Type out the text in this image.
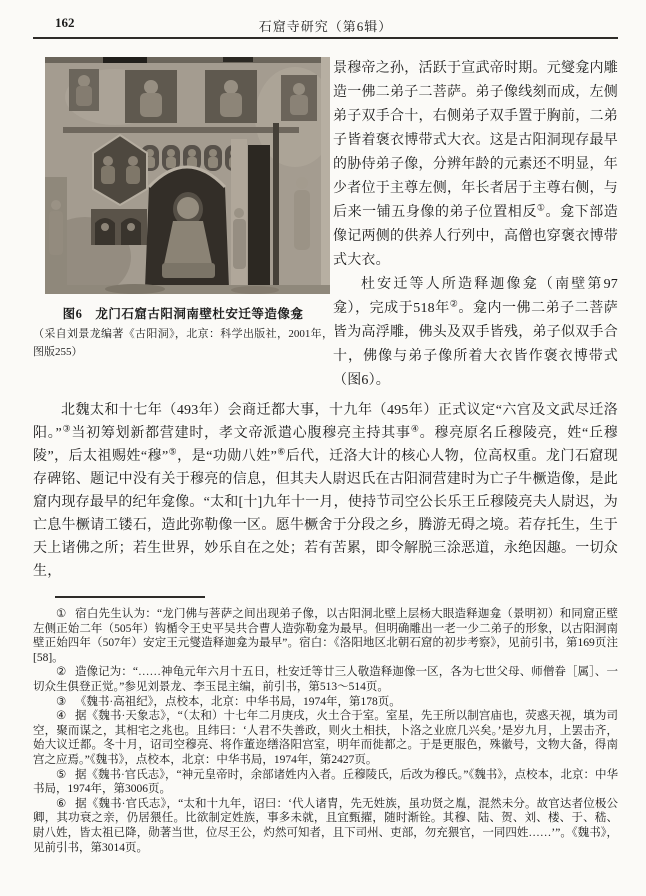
162	石窟寺研究（第6辑）
图6　龙门石窟古阳洞南壁杜安迁等造像龛
（采自刘景龙编著《古阳洞》，北京：科学出版社，2001年，图版255）

景穆帝之孙，活跃于宣武帝时期。元燮龛内雕造一佛二弟子二菩萨。弟子像线刻而成，左侧弟子双手合十，右侧弟子双手置于胸前，二弟子皆着褒衣博带式大衣。这是古阳洞现存最早的胁侍弟子像，分辨年龄的元素还不明显，年少者位于主尊左侧，年长者居于主尊右侧，与后来一铺五身像的弟子位置相反①。龛下部造像记两侧的供养人行列中，高僧也穿褒衣博带式大衣。

杜安迁等人所造释迦像龛（南壁第97龛），完成于518年②。龛内一佛二弟子二菩萨皆为高浮雕，佛头及双手皆残，弟子似双手合十，佛像与弟子像所着大衣皆作褒衣博带式（图6）。

北魏太和十七年（493年）会商迁都大事，十九年（495年）正式议定“六宫及文武尽迁洛阳。”③当初筹划新都营建时，孝文帝派遣心腹穆亮主持其事④。穆亮原名丘穆陵亮，姓“丘穆陵”，后太祖赐姓“穆”⑤，是“功勋八姓”⑥后代，迁洛大计的核心人物，位高权重。龙门石窟现存碑铭、题记中没有关于穆亮的信息，但其夫人尉迟氏在古阳洞营建时为亡子牛橛造像，是此窟内现存最早的纪年龛像。“太和[十]九年十一月，使持节司空公长乐王丘穆陵亮夫人尉迟，为亡息牛橛请工镂石，造此弥勒像一区。愿牛橛舍于分段之乡，腾游无碍之境。若存托生，生于天上诸佛之所；若生世界，妙乐自在之处；若有苦累，即令解脱三涂恶道，永绝因趣。一切众生，

① 宿白先生认为：“龙门佛与菩萨之间出现弟子像，以古阳洞北壁上层杨大眼造释迦龛（景明初）和同窟正壁左侧正始二年（505年）钩楯令王史平吴共合曹人造弥勒龛为最早。但明确雕出一老一少二弟子的形象，以古阳洞南壁正始四年（507年）安定王元燮造释迦龛为最早”。宿白：《洛阳地区北朝石窟的初步考察》，见前引书，第169页注[58]。

② 造像记为：“……神龟元年六月十五日，杜安迁等廿三人敬造释迦像一区，各为七世父母、师僧眷［属］、一切众生俱登正觉。”参见刘景龙、李玉昆主编，前引书，第513～514页。

③ 《魏书·高祖纪》，点校本，北京：中华书局，1974年，第178页。

④ 据《魏书·天象志》，“（太和）十七年二月庚戌，火土合于室。室星，先王所以制宫庙也，荧惑天视，填为司空，聚而谋之，其相宅之兆也。且纬曰：‘人君不失善政，则火土相扶，卜洛之业庶几兴矣。’是岁九月，上罢击齐，始大议迁都。冬十月，诏司空穆亮、将作董迩缮洛阳宫室，明年而徙都之。于是更服色，殊徽号，文物大备，得南宫之应焉。”《魏书》，点校本，北京：中华书局，1974年，第2427页。

⑤ 据《魏书·官氏志》，“神元皇帝时，余部诸姓内入者。丘穆陵氏，后改为穆氏。”《魏书》，点校本，北京：中华书局，1974年，第3006页。

⑥ 据《魏书·官氏志》，“太和十九年，诏曰：‘代人诸胄，先无姓族，虽功贤之胤，混然未分。故官达者位极公卿，其功衰之亲，仍居猥任。比欲制定姓族，事多未就，且宜甄擢，随时渐铨。其穆、陆、贺、刘、楼、于、嵇、尉八姓，皆太祖已降，勋著当世，位尽王公，灼然可知者，且下司州、吏部，勿充猥官，一同四姓……’”。《魏书》，见前引书，第3014页。
